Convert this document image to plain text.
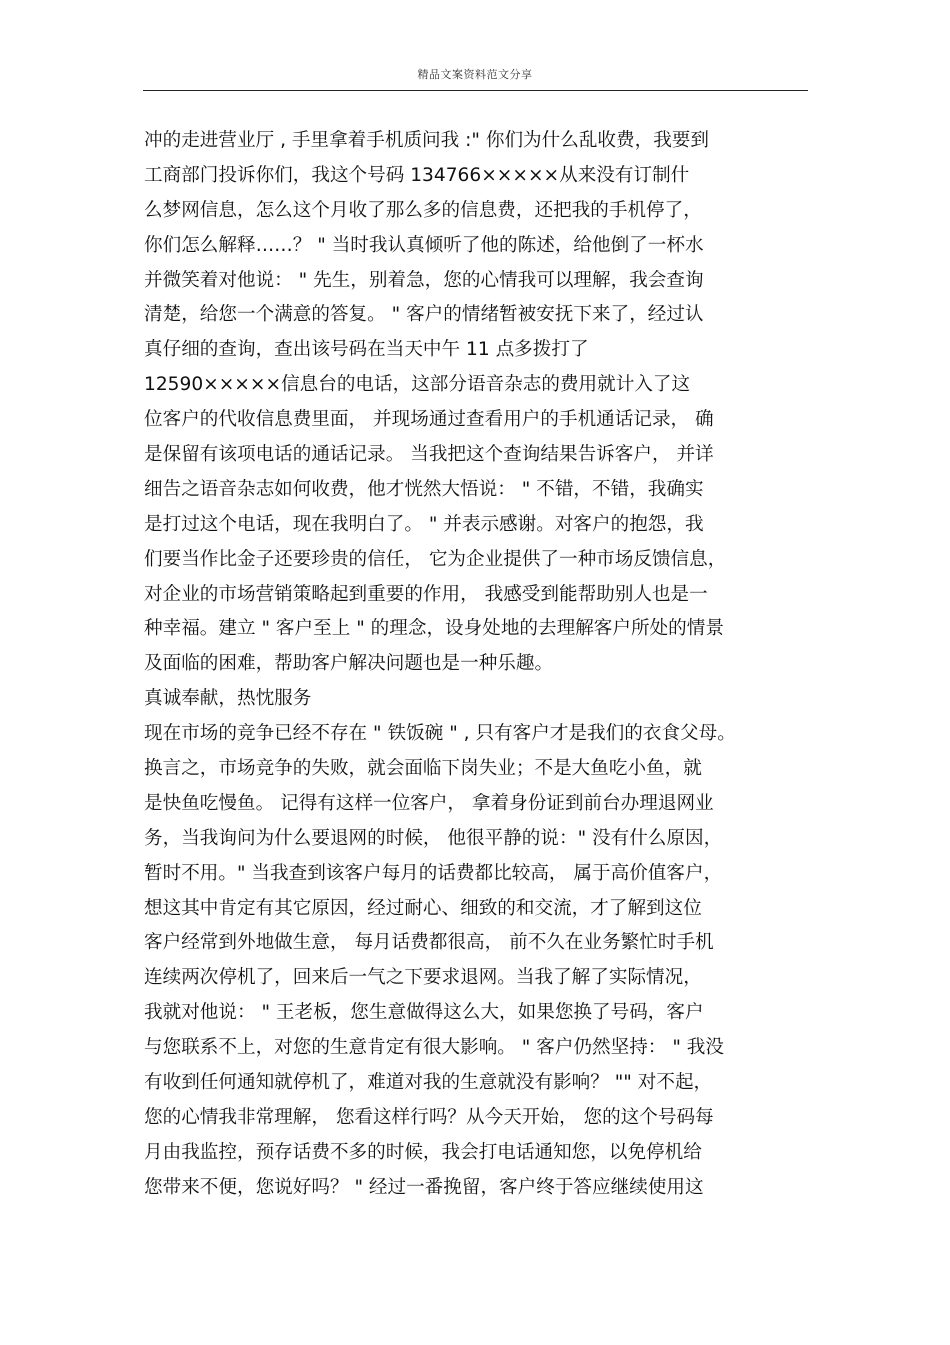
精品文案资料范文分享
冲的走进营业厅 , 手里拿着手机质问我 :" 你们为什么乱收费，我要到
工商部门投诉你们，我这个号码 134766×××××从来没有订制什
么梦网信息，怎么这个月收了那么多的信息费，还把我的手机停了，
你们怎么解释……？ " 当时我认真倾听了他的陈述，给他倒了一杯水
并微笑着对他说： " 先生，别着急，您的心情我可以理解，我会查询
清楚，给您一个满意的答复。 " 客户的情绪暂被安抚下来了，经过认
真仔细的查询，查出该号码在当天中午 11 点多拨打了
12590×××××信息台的电话，这部分语音杂志的费用就计入了这
位客户的代收信息费里面， 并现场通过查看用户的手机通话记录， 确
是保留有该项电话的通话记录。 当我把这个查询结果告诉客户， 并详
细告之语音杂志如何收费，他才恍然大悟说： " 不错，不错，我确实
是打过这个电话，现在我明白了。 " 并表示感谢。对客户的抱怨，我
们要当作比金子还要珍贵的信任， 它为企业提供了一种市场反馈信息，
对企业的市场营销策略起到重要的作用， 我感受到能帮助别人也是一
种幸福。建立 " 客户至上 " 的理念，设身处地的去理解客户所处的情景
及面临的困难，帮助客户解决问题也是一种乐趣。
真诚奉献，热忱服务
现在市场的竞争已经不存在 " 铁饭碗 " , 只有客户才是我们的衣食父母。
换言之，市场竞争的失败，就会面临下岗失业；不是大鱼吃小鱼，就
是快鱼吃慢鱼。 记得有这样一位客户， 拿着身份证到前台办理退网业
务，当我询问为什么要退网的时候， 他很平静的说：" 没有什么原因，
暂时不用。" 当我查到该客户每月的话费都比较高， 属于高价值客户，
想这其中肯定有其它原因，经过耐心、细致的和交流，才了解到这位
客户经常到外地做生意， 每月话费都很高， 前不久在业务繁忙时手机
连续两次停机了，回来后一气之下要求退网。当我了解了实际情况，
我就对他说： " 王老板，您生意做得这么大，如果您换了号码，客户
与您联系不上，对您的生意肯定有很大影响。 " 客户仍然坚持： " 我没
有收到任何通知就停机了，难道对我的生意就没有影响？ "" 对不起，
您的心情我非常理解， 您看这样行吗？从今天开始， 您的这个号码每
月由我监控，预存话费不多的时候，我会打电话通知您，以免停机给
您带来不便，您说好吗？ " 经过一番挽留，客户终于答应继续使用这
